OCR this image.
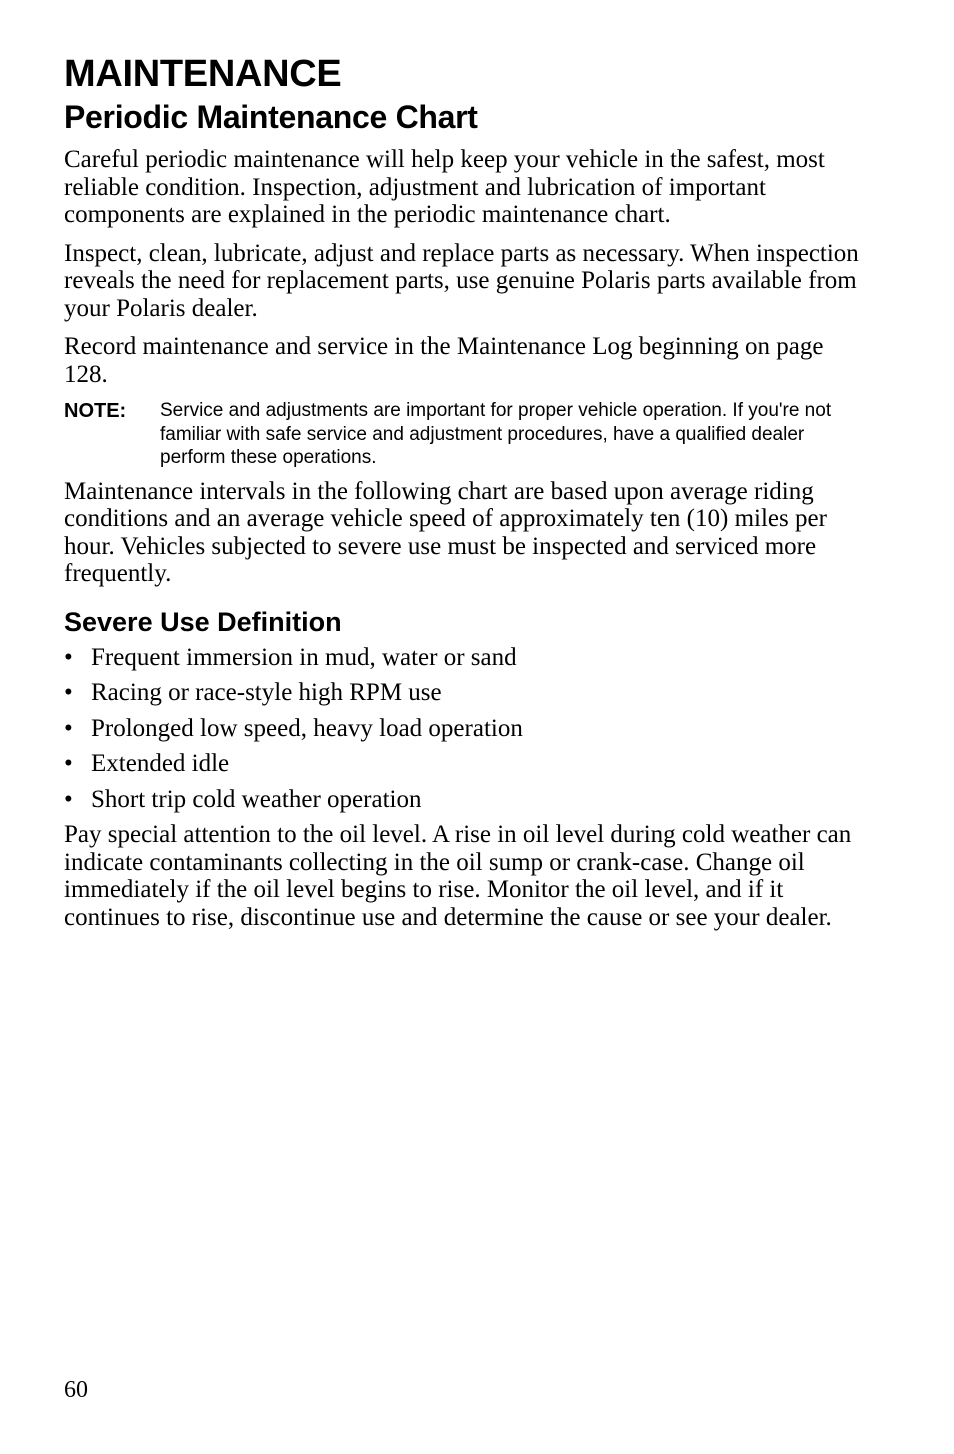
MAINTENANCE
Periodic Maintenance Chart

Careful periodic maintenance will help keep your vehicle in the safest, most reliable condition. Inspection, adjustment and lubrication of important components are explained in the periodic maintenance chart.

Inspect, clean, lubricate, adjust and replace parts as necessary. When inspection reveals the need for replacement parts, use genuine Polaris parts available from your Polaris dealer.

Record maintenance and service in the Maintenance Log beginning on page 128.

NOTE:	Service and adjustments are important for proper vehicle operation. If you're not familiar with safe service and adjustment procedures, have a qualified dealer perform these operations.

Maintenance intervals in the following chart are based upon average riding conditions and an average vehicle speed of approximately ten (10) miles per hour. Vehicles subjected to severe use must be inspected and serviced more frequently.

Severe Use Definition
• Frequent immersion in mud, water or sand
• Racing or race-style high RPM use
• Prolonged low speed, heavy load operation
• Extended idle
• Short trip cold weather operation

Pay special attention to the oil level. A rise in oil level during cold weather can indicate contaminants collecting in the oil sump or crank-case. Change oil immediately if the oil level begins to rise. Monitor the oil level, and if it continues to rise, discontinue use and determine the cause or see your dealer.

60
